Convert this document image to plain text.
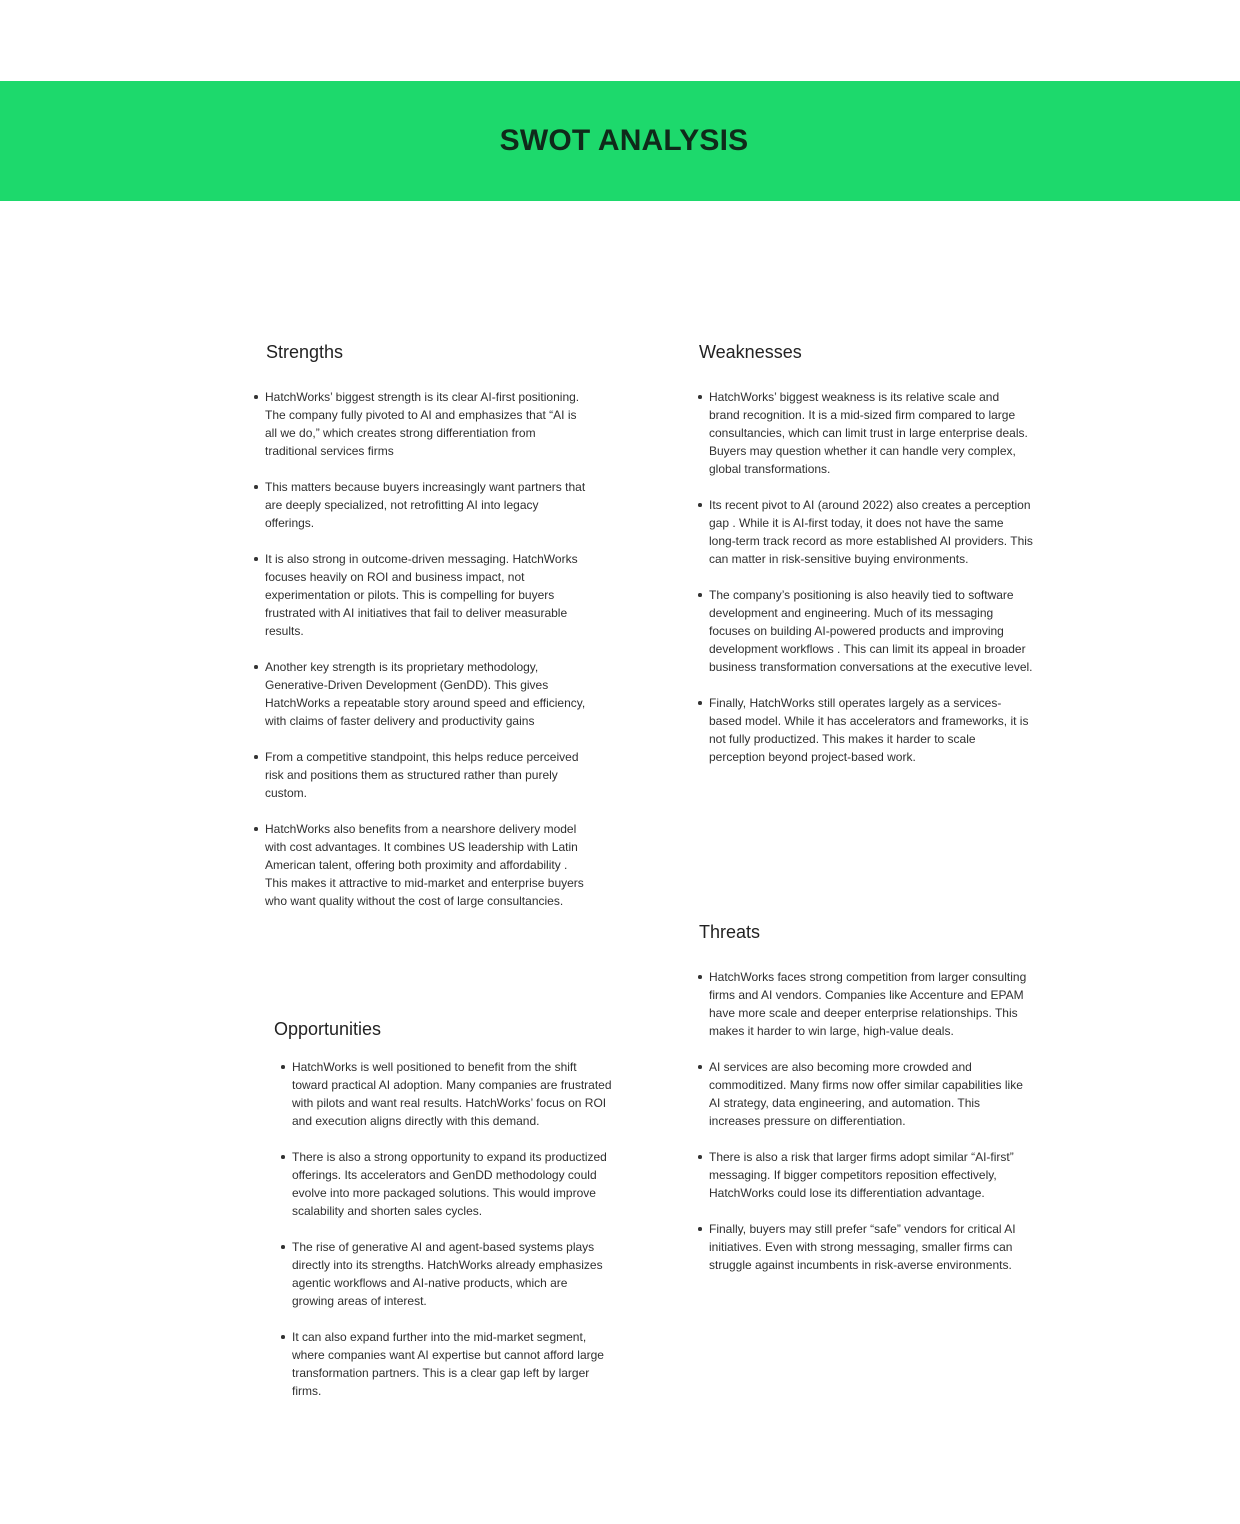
SWOT ANALYSIS
Strengths
HatchWorks’ biggest strength is its clear AI-first positioning. The company fully pivoted to AI and emphasizes that “AI is all we do,” which creates strong differentiation from traditional services firms
This matters because buyers increasingly want partners that are deeply specialized, not retrofitting AI into legacy offerings.
It is also strong in outcome-driven messaging. HatchWorks focuses heavily on ROI and business impact, not experimentation or pilots. This is compelling for buyers frustrated with AI initiatives that fail to deliver measurable results.
Another key strength is its proprietary methodology, Generative-Driven Development (GenDD). This gives HatchWorks a repeatable story around speed and efficiency, with claims of faster delivery and productivity gains
From a competitive standpoint, this helps reduce perceived risk and positions them as structured rather than purely custom.
HatchWorks also benefits from a nearshore delivery model with cost advantages. It combines US leadership with Latin American talent, offering both proximity and affordability . This makes it attractive to mid-market and enterprise buyers who want quality without the cost of large consultancies.
Weaknesses
HatchWorks’ biggest weakness is its relative scale and brand recognition. It is a mid-sized firm compared to large consultancies, which can limit trust in large enterprise deals. Buyers may question whether it can handle very complex, global transformations.
Its recent pivot to AI (around 2022) also creates a perception gap . While it is AI-first today, it does not have the same long-term track record as more established AI providers. This can matter in risk-sensitive buying environments.
The company’s positioning is also heavily tied to software development and engineering. Much of its messaging focuses on building AI-powered products and improving development workflows . This can limit its appeal in broader business transformation conversations at the executive level.
Finally, HatchWorks still operates largely as a services-based model. While it has accelerators and frameworks, it is not fully productized. This makes it harder to scale perception beyond project-based work.
Opportunities
HatchWorks is well positioned to benefit from the shift toward practical AI adoption. Many companies are frustrated with pilots and want real results. HatchWorks’ focus on ROI and execution aligns directly with this demand.
There is also a strong opportunity to expand its productized offerings. Its accelerators and GenDD methodology could evolve into more packaged solutions. This would improve scalability and shorten sales cycles.
The rise of generative AI and agent-based systems plays directly into its strengths. HatchWorks already emphasizes agentic workflows and AI-native products, which are growing areas of interest.
It can also expand further into the mid-market segment, where companies want AI expertise but cannot afford large transformation partners. This is a clear gap left by larger firms.
Threats
HatchWorks faces strong competition from larger consulting firms and AI vendors. Companies like Accenture and EPAM have more scale and deeper enterprise relationships. This makes it harder to win large, high-value deals.
AI services are also becoming more crowded and commoditized. Many firms now offer similar capabilities like AI strategy, data engineering, and automation. This increases pressure on differentiation.
There is also a risk that larger firms adopt similar “AI-first” messaging. If bigger competitors reposition effectively, HatchWorks could lose its differentiation advantage.
Finally, buyers may still prefer “safe” vendors for critical AI initiatives. Even with strong messaging, smaller firms can struggle against incumbents in risk-averse environments.
